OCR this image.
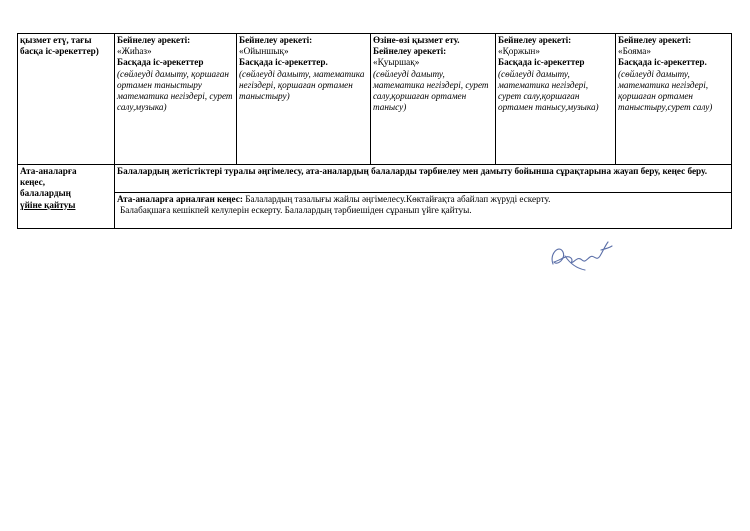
қызмет етү, тағы
басқа іс-әрекеттер)	Бейнелеу әрекеті:
«Жиһаз»
Басқада іс-әрекеттер
(сөйлеуді дамыту, қоршаған ортамен таныстыру математика негіздері, сурет салу,музыка)	Бейнелеу әрекеті:
«Ойыншық»
Басқада іс-әрекеттер.
(сөйлеуді дамыту, математика негіздері, қоршаған ортамен таныстыру)	Өзіне-өзі қызмет ету.
Бейнелеу әрекеті:
«Қуыршақ»
(сөйлеуді дамыту, математика негіздері, сурет салу,қоршаған ортамен танысу)	Бейнелеу әрекеті:
«Қоржын»
Басқада іс-әрекеттер
(сөйлеуді дамыту, математика негіздері, сурет салу,қоршаған ортамен танысу,музыка)	Бейнелеу әрекеті:
«Бояма»
Басқада іс-әрекеттер.
(сөйлеуді дамыту, математика негіздері, қоршаған ортамен таныстыру,сурет салу)

Ата-аналарға
кеңес,
балалардың
үйіне қайтуы	Балалардың жетістіктері туралы әңгімелесу, ата-аналардың балаларды тәрбиелеу мен дамыту бойынша сұрақтарына жауап беру, кеңес беру.				
	Ата-аналарға арналған кеңес: Балалардың тазалығы жайлы әңгімелесу.Көктайғақта абайлап жүруді ескерту.
Балабақшаға кешікпей келулерін ескерту. Балалардың тәрбиешіден сұранып үйге қайтуы.				
